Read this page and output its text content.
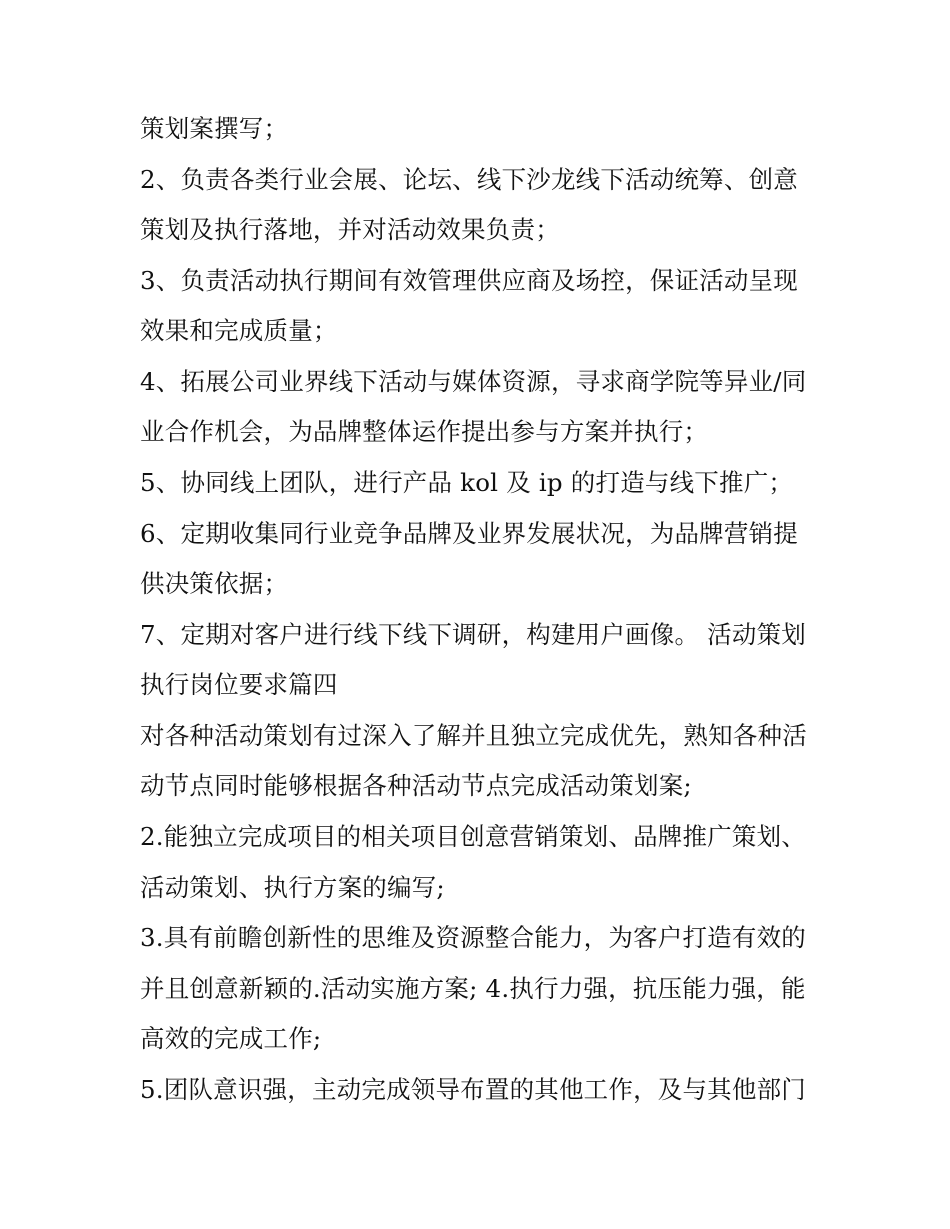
策划案撰写；
2、负责各类行业会展、论坛、线下沙龙线下活动统筹、创意
策划及执行落地，并对活动效果负责；
3、负责活动执行期间有效管理供应商及场控，保证活动呈现
效果和完成质量；
4、拓展公司业界线下活动与媒体资源，寻求商学院等异业/同
业合作机会，为品牌整体运作提出参与方案并执行；
5、协同线上团队，进行产品 kol 及 ip 的打造与线下推广；
6、定期收集同行业竞争品牌及业界发展状况，为品牌营销提
供决策依据；
7、定期对客户进行线下线下调研，构建用户画像。 活动策划
执行岗位要求篇四
对各种活动策划有过深入了解并且独立完成优先，熟知各种活
动节点同时能够根据各种活动节点完成活动策划案;
2.能独立完成项目的相关项目创意营销策划、品牌推广策划、
活动策划、执行方案的编写;
3.具有前瞻创新性的思维及资源整合能力，为客户打造有效的
并且创意新颖的.活动实施方案; 4.执行力强，抗压能力强，能
高效的完成工作;
5.团队意识强，主动完成领导布置的其他工作，及与其他部门
